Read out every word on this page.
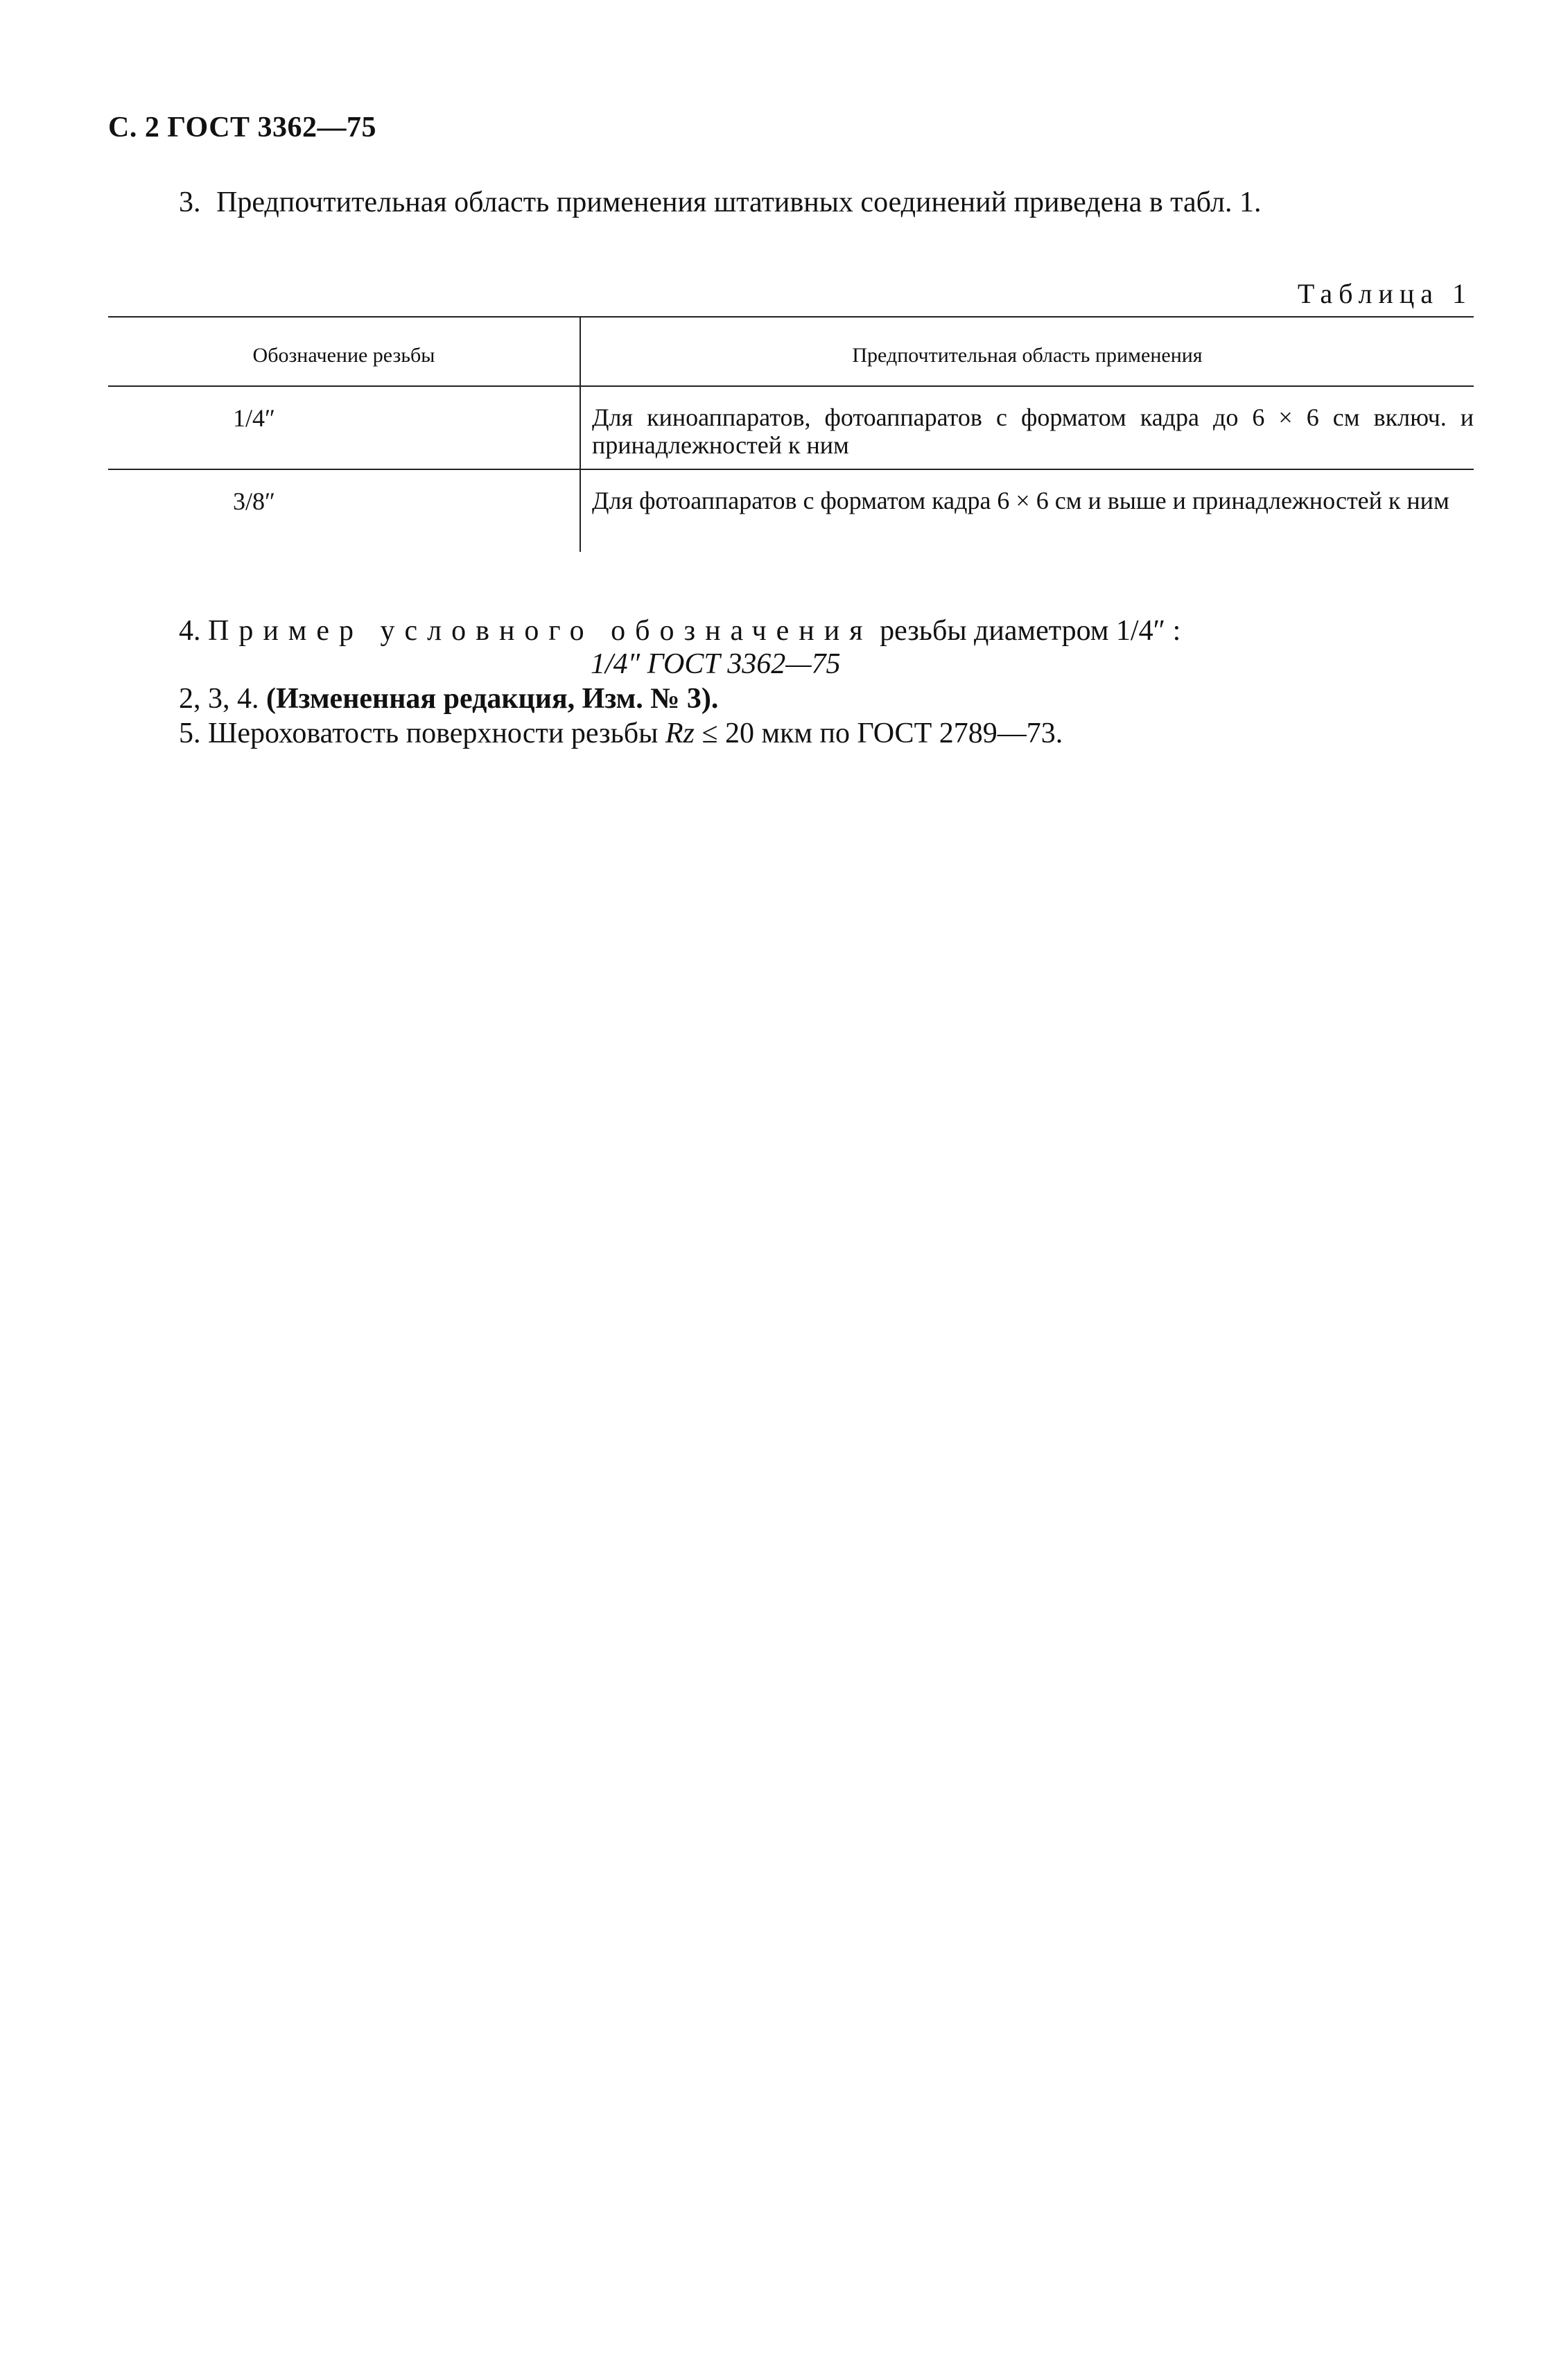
С. 2 ГОСТ 3362—75
3. Предпочтительная область применения штативных соединений приведена в табл. 1.
Таблица 1
Обозначение резьбы	Предпочтительная область применения
1/4″	Для киноаппаратов, фотоаппаратов с форматом кадра до 6 × 6 см включ. и принадлежностей к ним
3/8″	Для фотоаппаратов с форматом кадра 6 × 6 см и выше и принадлежностей к ним
4. Пример условного обозначения резьбы диаметром 1/4″ :
1/4″ ГОСТ 3362—75
2, 3, 4. (Измененная редакция, Изм. № 3).
5. Шероховатость поверхности резьбы Rz ≤ 20 мкм по ГОСТ 2789—73.
